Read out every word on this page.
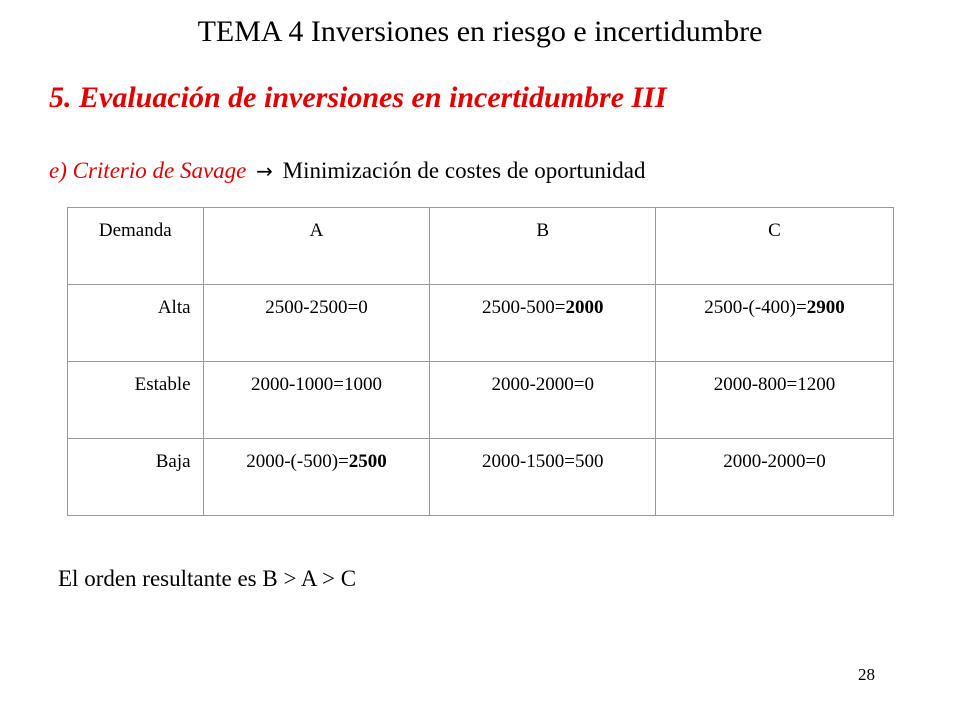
TEMA 4 Inversiones en riesgo e incertidumbre
5. Evaluación de inversiones en incertidumbre III
e) Criterio de Savage → Minimización de costes de oportunidad
Demanda	A	B	C
Alta	2500-2500=0	2500-500=2000	2500-(-400)=2900
Estable	2000-1000=1000	2000-2000=0	2000-800=1200
Baja	2000-(-500)=2500	2000-1500=500	2000-2000=0
El orden resultante es B > A > C
28
